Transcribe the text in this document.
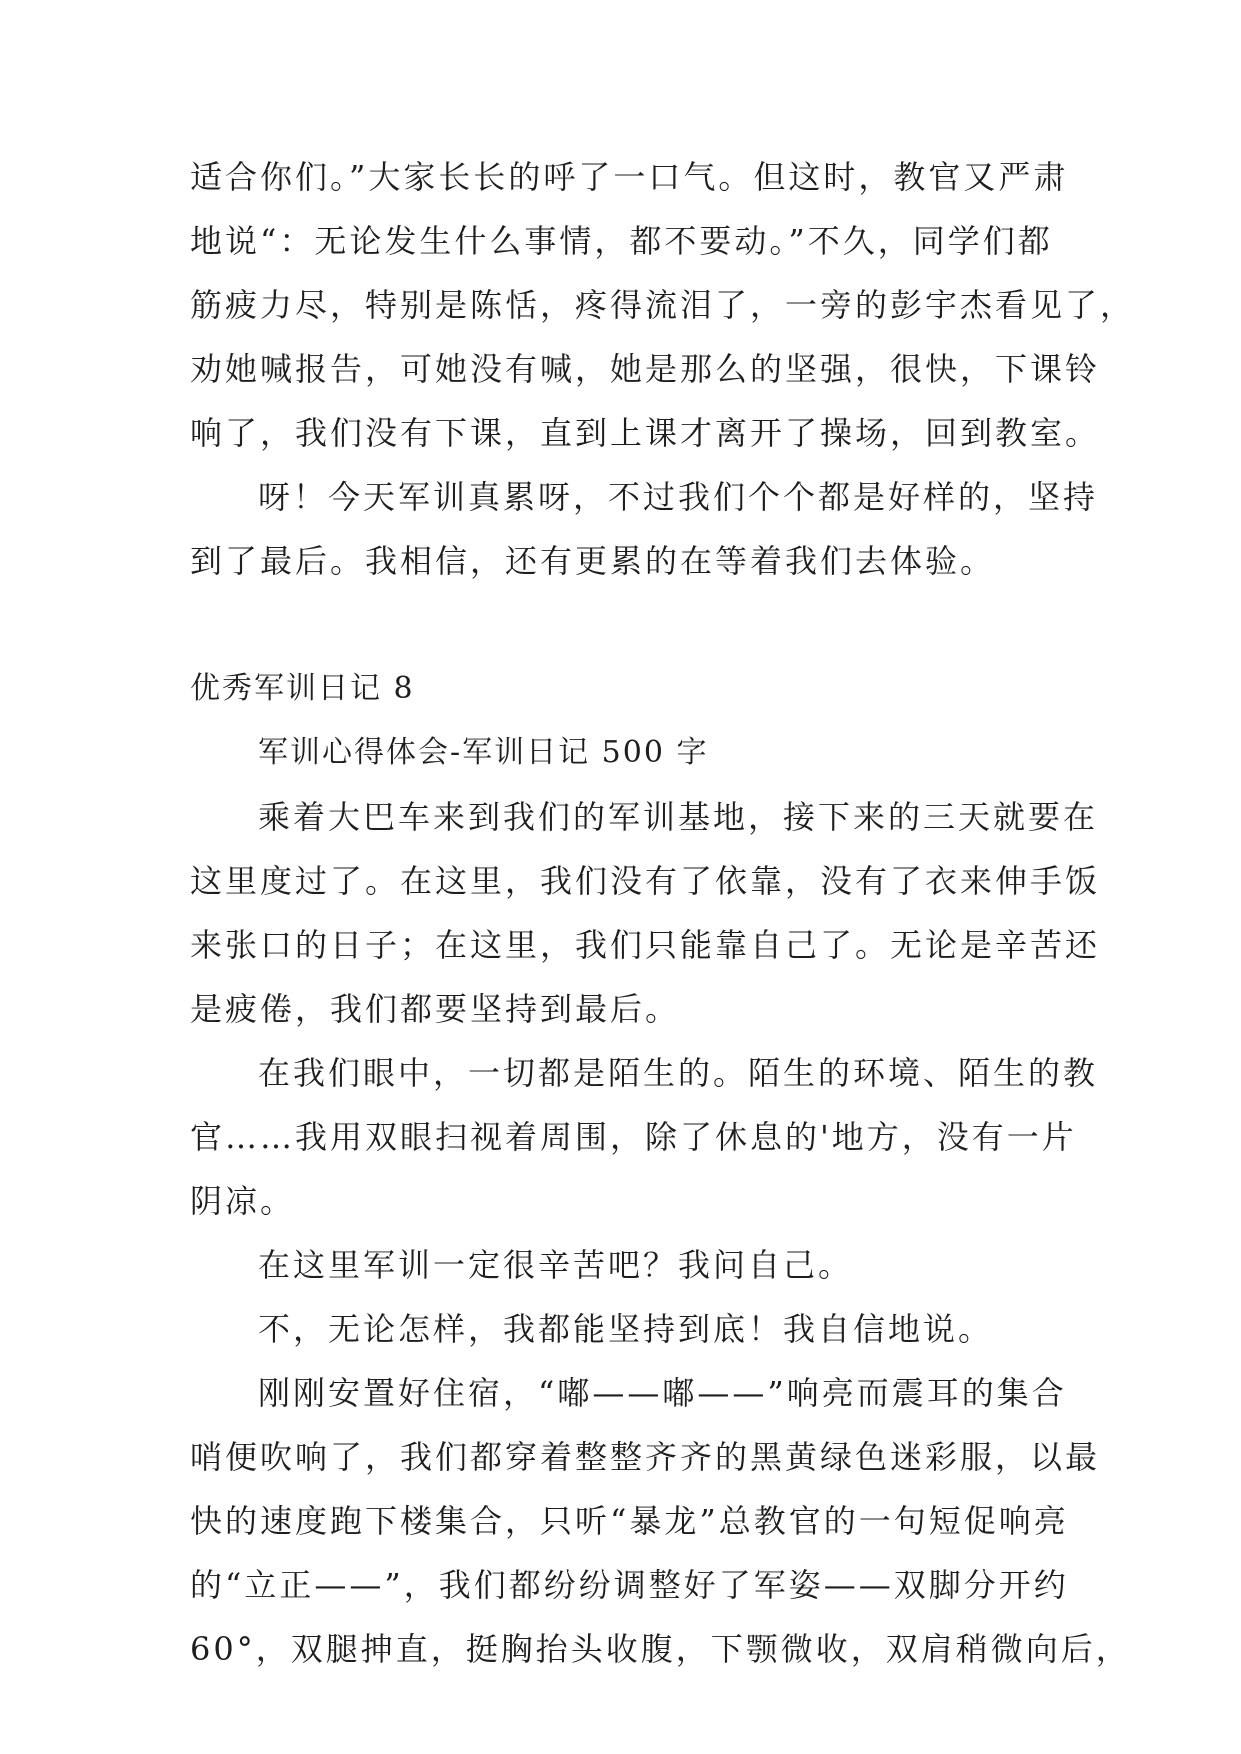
适合你们。”大家长长的呼了一口气。但这时，教官又严肃
地说“：无论发生什么事情，都不要动。”不久，同学们都
筋疲力尽，特别是陈恬，疼得流泪了，一旁的彭宇杰看见了，
劝她喊报告，可她没有喊，她是那么的坚强，很快，下课铃
响了，我们没有下课，直到上课才离开了操场，回到教室。
呀！今天军训真累呀，不过我们个个都是好样的，坚持
到了最后。我相信，还有更累的在等着我们去体验。
优秀军训日记 8
军训心得体会-军训日记 500 字
乘着大巴车来到我们的军训基地，接下来的三天就要在
这里度过了。在这里，我们没有了依靠，没有了衣来伸手饭
来张口的日子；在这里，我们只能靠自己了。无论是辛苦还
是疲倦，我们都要坚持到最后。
在我们眼中，一切都是陌生的。陌生的环境、陌生的教
官……我用双眼扫视着周围，除了休息的'地方，没有一片
阴凉。
在这里军训一定很辛苦吧？我问自己。
不，无论怎样，我都能坚持到底！我自信地说。
刚刚安置好住宿，“嘟——嘟——”响亮而震耳的集合
哨便吹响了，我们都穿着整整齐齐的黑黄绿色迷彩服，以最
快的速度跑下楼集合，只听“暴龙”总教官的一句短促响亮
的“立正——”，我们都纷纷调整好了军姿——双脚分开约
60°，双腿抻直，挺胸抬头收腹，下颚微收，双肩稍微向后，
